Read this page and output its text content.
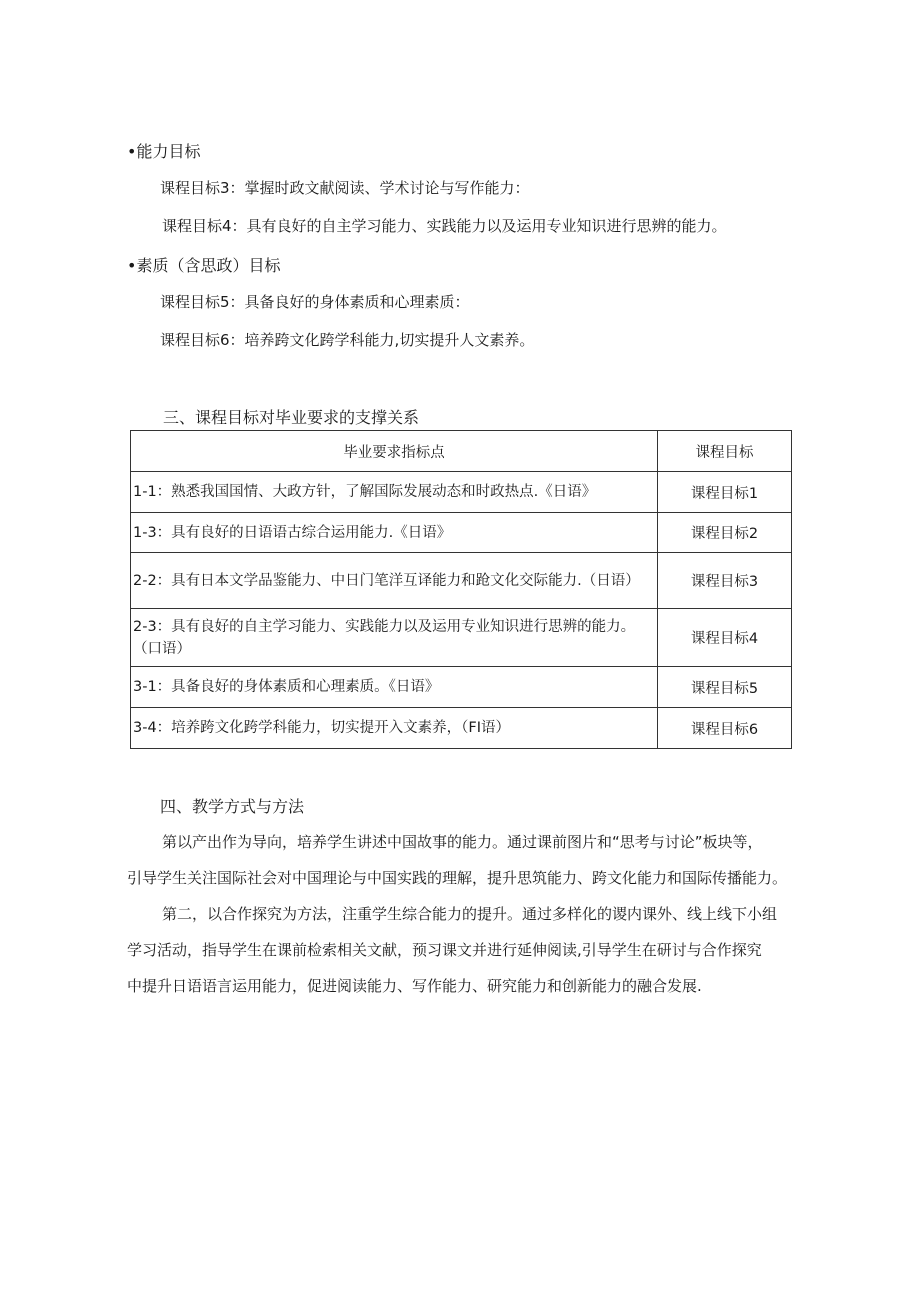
•能力目标
课程目标3：掌握时政文献阅读、学术讨论与写作能力：
课程目标4：具有良好的自主学习能力、实践能力以及运用专业知识进行思辨的能力。
•素质（含思政）目标
课程目标5：具备良好的身体素质和心理素质：
课程目标6：培养跨文化跨学科能力,切实提升人文素养。
三、课程目标对毕业要求的支撑关系
毕业要求指标点	课程目标
1-1：熟悉我国国情、大政方针，了解国际发展动态和时政热点.《日语》	课程目标1
1-3：具有良好的日语语古综合运用能力.《日语》	课程目标2
2-2：具有日本文学品鉴能力、中日门笔洋互译能力和跄文化交际能力.（日语）	课程目标3
2-3：具有良好的自主学习能力、实践能力以及运用专业知识进行思辨的能力。（口语）	课程目标4
3-1：具备良好的身体素质和心理素质。《日语》	课程目标5
3-4：培养跨文化跨学科能力，切实提开入文素养，（FI语）	课程目标6
四、教学方式与方法
第以产出作为导向，培养学生讲述中国故事的能力。通过课前图片和“思考与讨论”板块等，
引导学生关注国际社会对中国理论与中国实践的理解，提升思筑能力、跨文化能力和国际传播能力。
第二，以合作探究为方法，注重学生综合能力的提升。通过多样化的谡内课外、线上线下小组
学习活动，指导学生在课前检索相关文献，预习课文并进行延伸阅读,引导学生在研讨与合作探究
中提升日语语言运用能力，促进阅读能力、写作能力、研究能力和创新能力的融合发展.
